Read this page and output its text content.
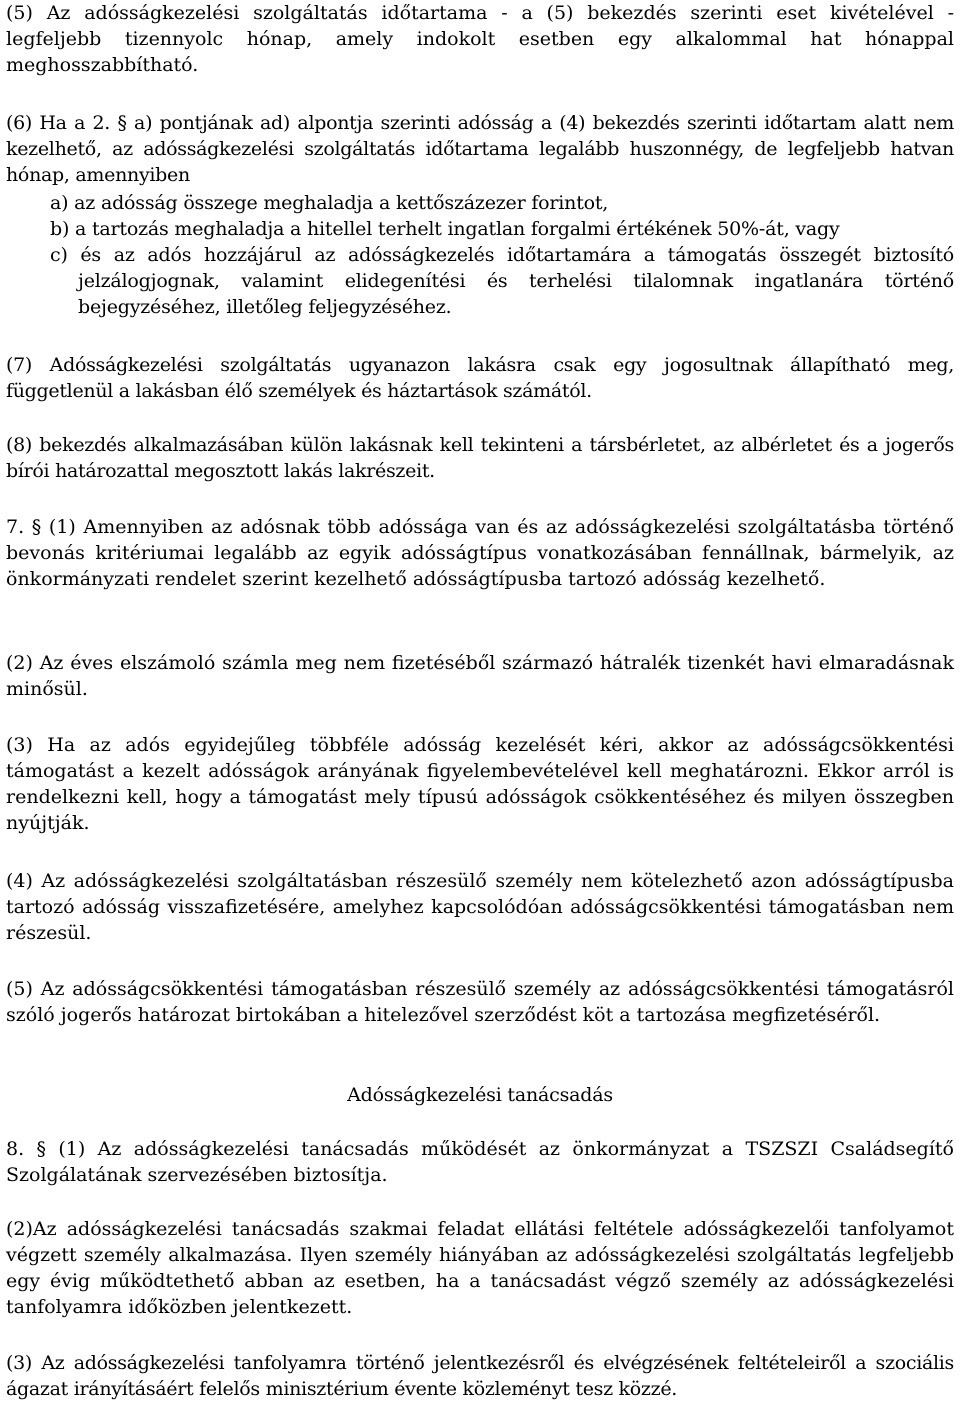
(5) Az adósságkezelési szolgáltatás időtartama - a (5) bekezdés szerinti eset kivételével - legfeljebb tizennyolc hónap, amely indokolt esetben egy alkalommal hat hónappal meghosszabbítható.

(6) Ha a 2. § a) pontjának ad) alpontja szerinti adósság a (4) bekezdés szerinti időtartam alatt nem kezelhető, az adósságkezelési szolgáltatás időtartama legalább huszonnégy, de legfeljebb hatvan hónap, amennyiben

a) az adósság összege meghaladja a kettőszázezer forintot,

b) a tartozás meghaladja a hitellel terhelt ingatlan forgalmi értékének 50%-át, vagy

c) és az adós hozzájárul az adósságkezelés időtartamára a támogatás összegét biztosító jelzálogjognak, valamint elidegenítési és terhelési tilalomnak ingatlanára történő bejegyzéséhez, illetőleg feljegyzéséhez.

(7) Adósságkezelési szolgáltatás ugyanazon lakásra csak egy jogosultnak állapítható meg, függetlenül a lakásban élő személyek és háztartások számától.

(8) bekezdés alkalmazásában külön lakásnak kell tekinteni a társbérletet, az albérletet és a jogerős bírói határozattal megosztott lakás lakrészeit.

7. § (1) Amennyiben az adósnak több adóssága van és az adósságkezelési szolgáltatásba történő bevonás kritériumai legalább az egyik adósságtípus vonatkozásában fennállnak, bármelyik, az önkormányzati rendelet szerint kezelhető adósságtípusba tartozó adósság kezelhető.

(2) Az éves elszámoló számla meg nem fizetéséből származó hátralék tizenkét havi elmaradásnak minősül.

(3) Ha az adós egyidejűleg többféle adósság kezelését kéri, akkor az adósságcsökkentési támogatást a kezelt adósságok arányának figyelembevételével kell meghatározni. Ekkor arról is rendelkezni kell, hogy a támogatást mely típusú adósságok csökkentéséhez és milyen összegben nyújtják.

(4) Az adósságkezelési szolgáltatásban részesülő személy nem kötelezhető azon adósságtípusba tartozó adósság visszafizetésére, amelyhez kapcsolódóan adósságcsökkentési támogatásban nem részesül.

(5) Az adósságcsökkentési támogatásban részesülő személy az adósságcsökkentési támogatásról szóló jogerős határozat birtokában a hitelezővel szerződést köt a tartozása megfizetéséről.

Adósságkezelési tanácsadás

8. § (1) Az adósságkezelési tanácsadás működését az önkormányzat a TSZSZI Családsegítő Szolgálatának szervezésében biztosítja.

(2)Az adósságkezelési tanácsadás szakmai feladat ellátási feltétele adósságkezelői tanfolyamot végzett személy alkalmazása. Ilyen személy hiányában az adósságkezelési szolgáltatás legfeljebb egy évig működtethető abban az esetben, ha a tanácsadást végző személy az adósságkezelési tanfolyamra időközben jelentkezett.

(3) Az adósságkezelési tanfolyamra történő jelentkezésről és elvégzésének feltételeiről a szociális ágazat irányításáért felelős minisztérium évente közleményt tesz közzé.
